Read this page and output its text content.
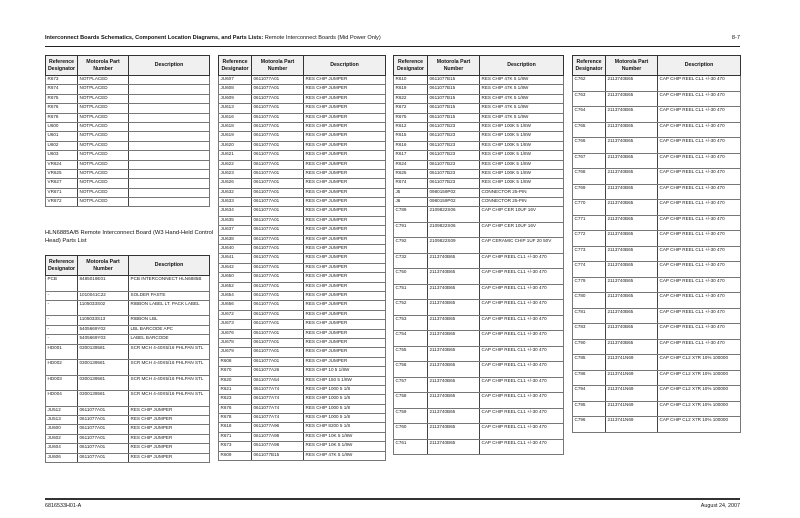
Interconnect Boards Schematics, Component Location Diagrams, and Parts Lists: Remote Interconnect Boards (Mid Power Only)	8-7
Reference Designator	Motorola Part Number	Description
R673	NOTPLACED	
R674	NOTPLACED	
R675	NOTPLACED	
R676	NOTPLACED	
R678	NOTPLACED	
U600	NOTPLACED	
U601	NOTPLACED	
U602	NOTPLACED	
U603	NOTPLACED	
VR624	NOTPLACED	
VR625	NOTPLACED	
VR627	NOTPLACED	
VR671	NOTPLACED	
VR672	NOTPLACED	
HLN6885A/B Remote Interconnect Board (W3 Hand-Held Control Head) Parts List
Reference Designator	Motorola Part Number	Description
PCB	8485019E01	PCB INTERCONNECT HLN6885B
-	1010041C22	SOLDER PASTE
-	1105033S02	RIBBON LABEL LT. PACK LABEL
-	1105033S13	RIBBON LBL
-	5405669Y02	LBL BARCODE APC
-	5405669Y03	LABEL BARCODE
HD001	0300139581	SCR MCH 4-40X5/16 PHLPAN STL
HD002	0300139581	SCR MCH 4-40X5/16 PHLPAN STL
HD003	0300139581	SCR MCH 4-40X5/16 PHLPAN STL
HD004	0300139581	SCR MCH 4-40X5/16 PHLPAN STL
JU512	0611077A01	RES CHIP JUMPER
JU513	0611077A01	RES CHIP JUMPER
JU600	0611077A01	RES CHIP JUMPER
JU602	0611077A01	RES CHIP JUMPER
JU604	0611077A01	RES CHIP JUMPER
JU606	0611077A01	RES CHIP JUMPER
Reference Designator	Motorola Part Number	Description
JU607	0611077A01	RES CHIP JUMPER
JU608	0611077A01	RES CHIP JUMPER
JU609	0611077A01	RES CHIP JUMPER
JU613	0611077A01	RES CHIP JUMPER
JU616	0611077A01	RES CHIP JUMPER
JU618	0611077A01	RES CHIP JUMPER
JU619	0611077A01	RES CHIP JUMPER
JU620	0611077A01	RES CHIP JUMPER
JU621	0611077A01	RES CHIP JUMPER
JU622	0611077A01	RES CHIP JUMPER
JU623	0611077A01	RES CHIP JUMPER
JU626	0611077A01	RES CHIP JUMPER
JU632	0611077A01	RES CHIP JUMPER
JU633	0611077A01	RES CHIP JUMPER
JU634	0611077A01	RES CHIP JUMPER
JU635	0611077A01	RES CHIP JUMPER
JU637	0611077A01	RES CHIP JUMPER
JU638	0611077A01	RES CHIP JUMPER
JU640	0611077A01	RES CHIP JUMPER
JU641	0611077A01	RES CHIP JUMPER
JU642	0611077A01	RES CHIP JUMPER
JU650	0611077A01	RES CHIP JUMPER
JU652	0611077A01	RES CHIP JUMPER
JU654	0611077A01	RES CHIP JUMPER
JU656	0611077A01	RES CHIP JUMPER
JU672	0611077A01	RES CHIP JUMPER
JU673	0611077A01	RES CHIP JUMPER
JU676	0611077A01	RES CHIP JUMPER
JU678	0611077A01	RES CHIP JUMPER
JU679	0611077A01	RES CHIP JUMPER
R608	0611077A01	RES CHIP JUMPER
R670	0611077A26	RES CHIP 10 5 1/8W
R620	0611077A54	RES CHIP 150 5 1/8W
R621	0611077A74	RES CHIP 1000 5 1/8
R623	0611077A74	RES CHIP 1000 5 1/8
R676	0611077A74	RES CHIP 1000 5 1/8
R678	0611077A74	RES CHIP 1000 5 1/8
R618	0611077A96	RES CHIP 8200 5 1/8
R671	0611077A98	RES CHIP 10K 5 1/8W
R673	0611077A98	RES CHIP 10K 5 1/8W
R609	0611077B15	RES CHIP 47K 5 1/8W
Reference Designator	Motorola Part Number	Description
R610	0611077B15	RES CHIP 47K 5 1/8W
R619	0611077B15	RES CHIP 47K 5 1/8W
R622	0611077B15	RES CHIP 47K 5 1/8W
R672	0611077B15	RES CHIP 47K 5 1/8W
R675	0611077B15	RES CHIP 47K 5 1/8W
R612	0611077B23	RES CHIP 100K 5 1/8W
R615	0611077B23	RES CHIP 100K 5 1/8W
R616	0611077B23	RES CHIP 100K 5 1/8W
R617	0611077B23	RES CHIP 100K 5 1/8W
R624	0611077B23	RES CHIP 100K 5 1/8W
R625	0611077B23	RES CHIP 100K 5 1/8W
R674	0611077B23	RES CHIP 100K 5 1/8W
J5	0980159P02	CONNECTOR 25-PIN
J6	0980159P02	CONNECTOR 25-PIN
C789	2109822S06	CAP CHIP CER 10UF 16V
C791	2109822S06	CAP CHIP CER 10UF 16V
C792	2109822S09	CAP CERAMIC CHIP 1UF 20 50V
C732	2113740B65	CAP CHIP REEL CL1 +/-30 470
C750	2113740B65	CAP CHIP REEL CL1 +/-30 470
C751	2113740B65	CAP CHIP REEL CL1 +/-30 470
C752	2113740B65	CAP CHIP REEL CL1 +/-30 470
C753	2113740B65	CAP CHIP REEL CL1 +/-30 470
C754	2113740B65	CAP CHIP REEL CL1 +/-30 470
C755	2113740B65	CAP CHIP REEL CL1 +/-30 470
C756	2113740B65	CAP CHIP REEL CL1 +/-30 470
C757	2113740B65	CAP CHIP REEL CL1 +/-30 470
C758	2113740B65	CAP CHIP REEL CL1 +/-30 470
C759	2113740B65	CAP CHIP REEL CL1 +/-30 470
C760	2113740B65	CAP CHIP REEL CL1 +/-30 470
C761	2113740B65	CAP CHIP REEL CL1 +/-30 470
Reference Designator	Motorola Part Number	Description
C762	2113740B65	CAP CHIP REEL CL1 +/-30 470
C763	2113740B65	CAP CHIP REEL CL1 +/-30 470
C764	2113740B65	CAP CHIP REEL CL1 +/-30 470
C765	2113740B65	CAP CHIP REEL CL1 +/-30 470
C766	2113740B65	CAP CHIP REEL CL1 +/-30 470
C767	2113740B65	CAP CHIP REEL CL1 +/-30 470
C768	2113740B65	CAP CHIP REEL CL1 +/-30 470
C769	2113740B65	CAP CHIP REEL CL1 +/-30 470
C770	2113740B65	CAP CHIP REEL CL1 +/-30 470
C771	2113740B65	CAP CHIP REEL CL1 +/-30 470
C772	2113740B65	CAP CHIP REEL CL1 +/-30 470
C773	2113740B65	CAP CHIP REEL CL1 +/-30 470
C774	2113740B65	CAP CHIP REEL CL1 +/-30 470
C779	2113740B65	CAP CHIP REEL CL1 +/-30 470
C780	2113740B65	CAP CHIP REEL CL1 +/-30 470
C781	2113740B65	CAP CHIP REEL CL1 +/-30 470
C783	2113740B65	CAP CHIP REEL CL1 +/-30 470
C790	2113740B65	CAP CHIP REEL CL1 +/-30 470
C785	2113741N69	CAP CHIP CL2 X7R 10% 100000
C786	2113741N69	CAP CHIP CL2 X7R 10% 100000
C794	2113741N69	CAP CHIP CL2 X7R 10% 100000
C795	2113741N69	CAP CHIP CL2 X7R 10% 100000
C796	2113741N69	CAP CHIP CL2 X7R 10% 100000
6816533H01-A	August 24, 2007
